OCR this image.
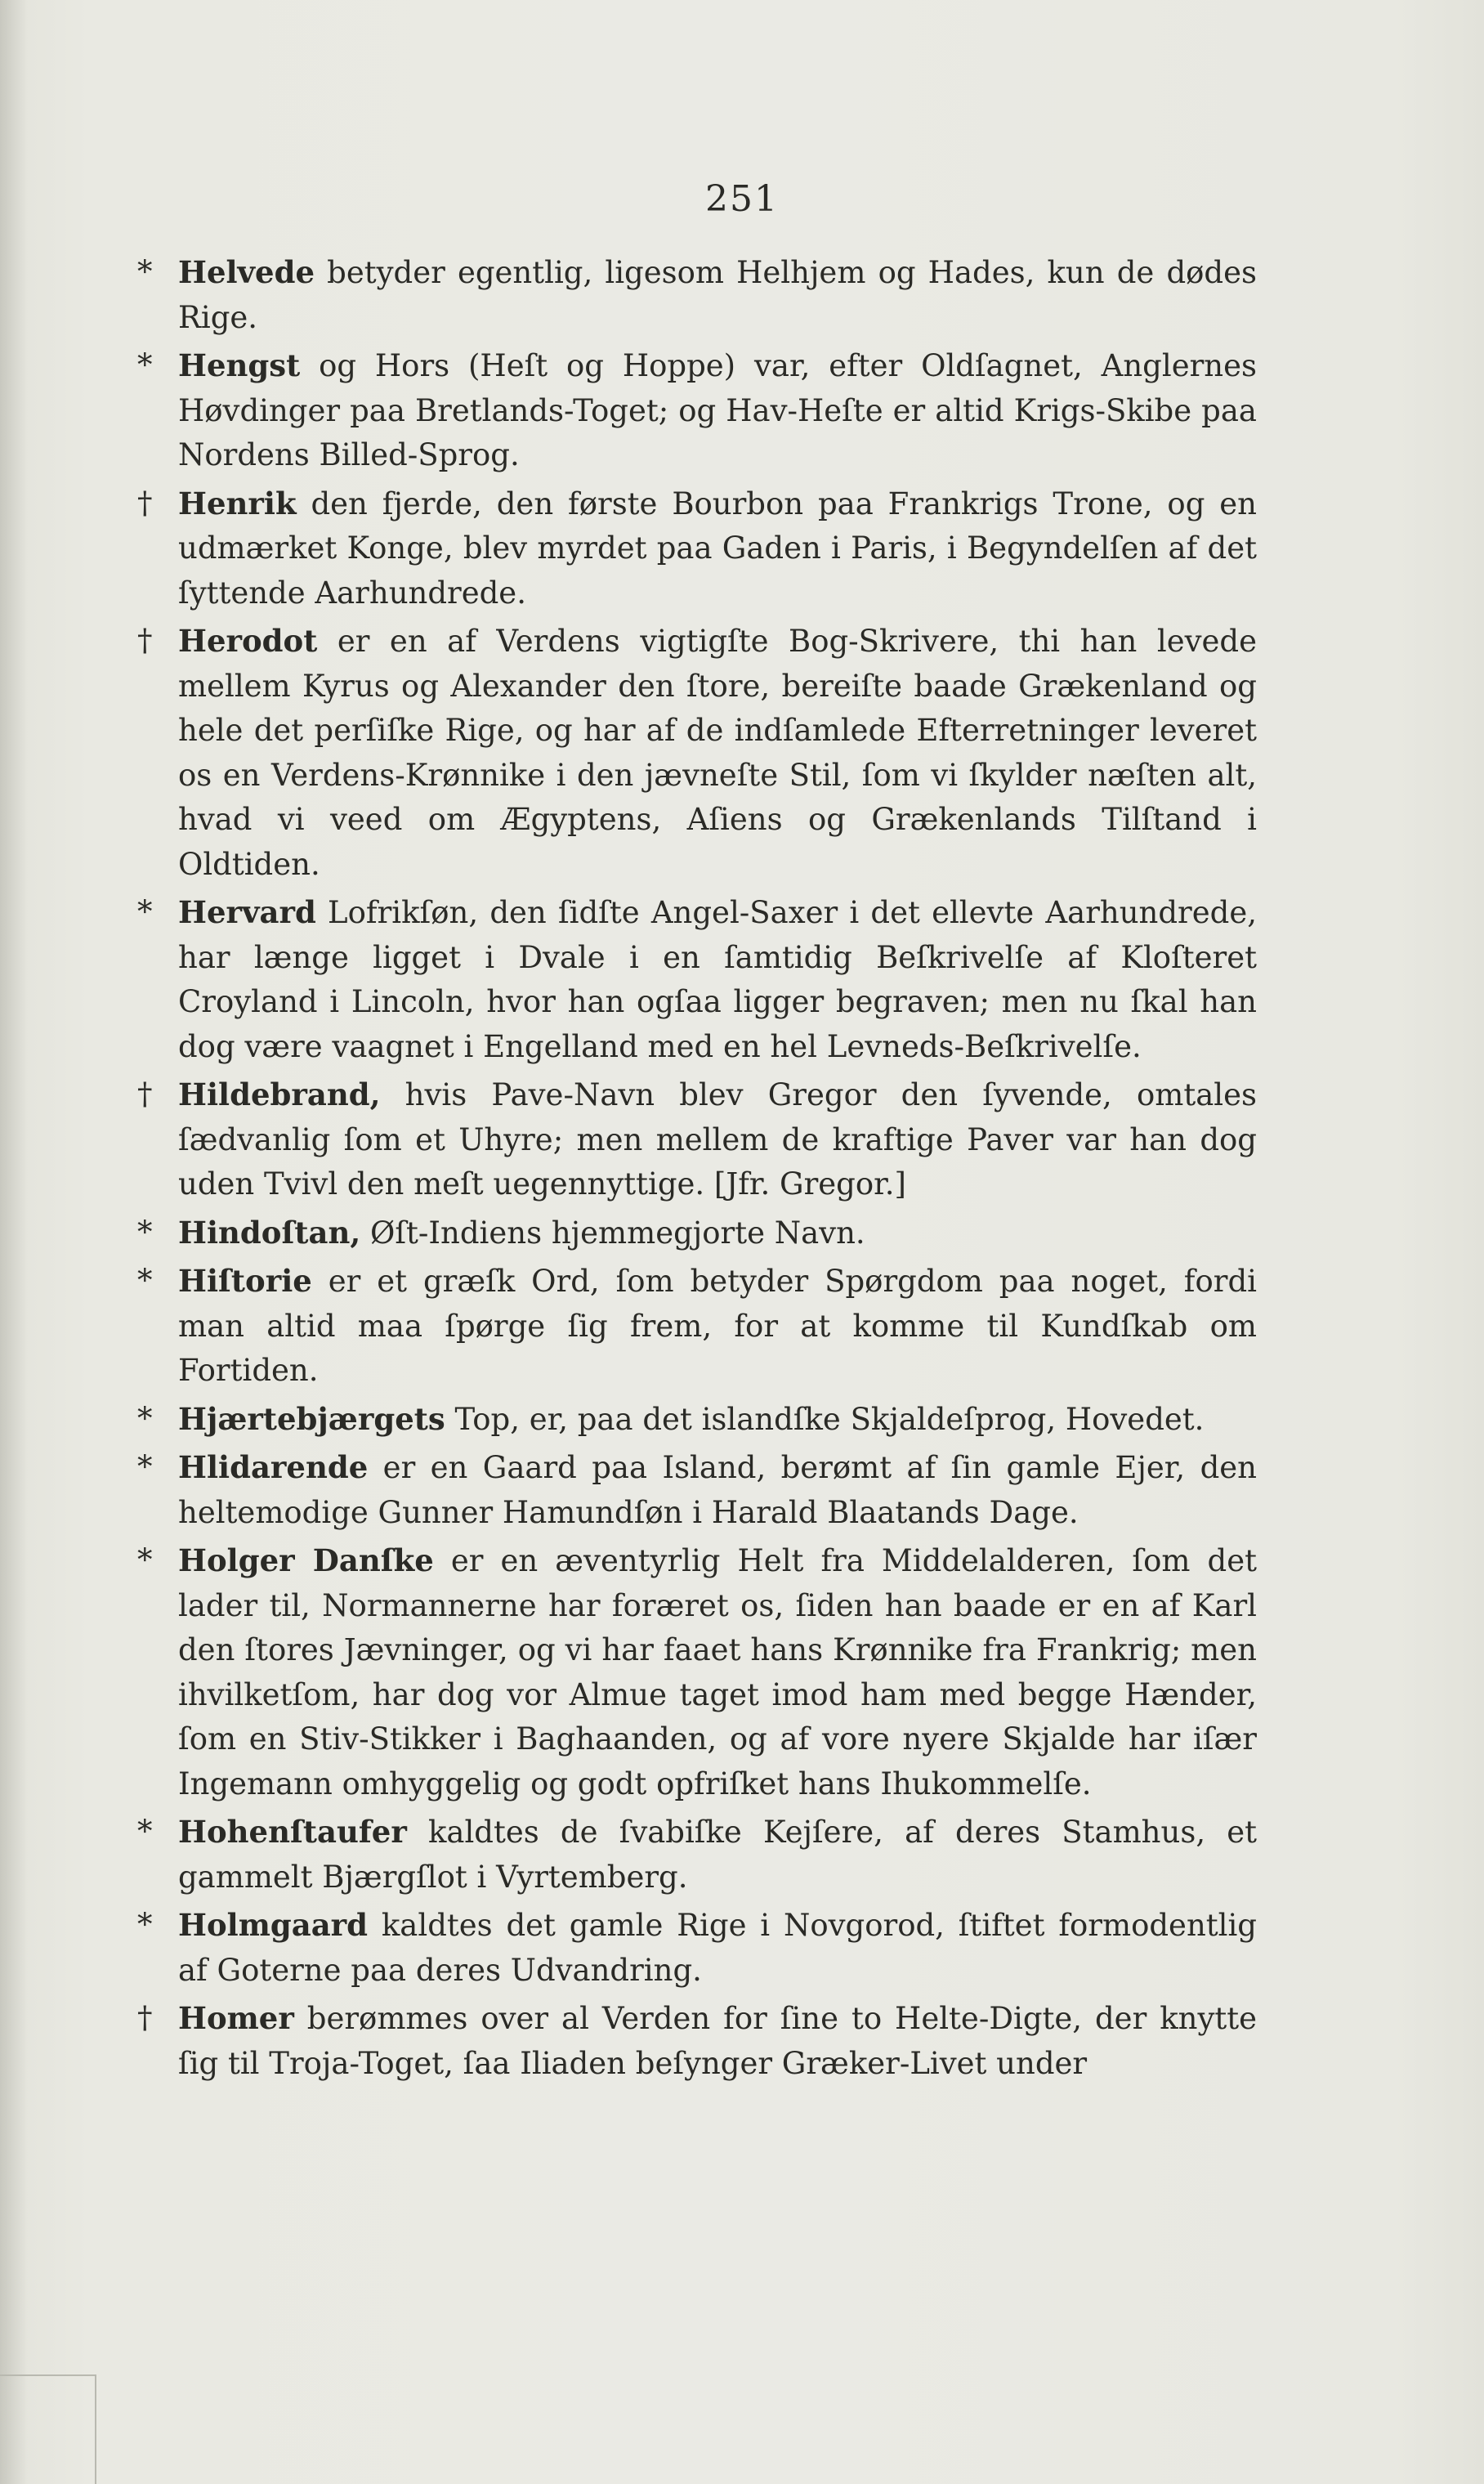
251
* Helvede betyder egentlig, ligesom Helhjem og Hades, kun de dødes Rige.
* Hengst og Hors (Heſt og Hoppe) var, efter Oldſagnet, Anglernes Høvdinger paa Bretlands-Toget; og Hav-Heſte er altid Krigs-Skibe paa Nordens Billed-Sprog.
† Henrik den fjerde, den første Bourbon paa Frankrigs Trone, og en udmærket Konge, blev myrdet paa Gaden i Paris, i Begyndelſen af det ſyttende Aarhundrede.
† Herodot er en af Verdens vigtigſte Bog-Skrivere, thi han levede mellem Kyrus og Alexander den ſtore, bereiſte baade Grækenland og hele det perſiſke Rige, og har af de indſamlede Efterretninger leveret os en Verdens-Krønnike i den jævneſte Stil, ſom vi ſkylder næſten alt, hvad vi veed om Ægyptens, Aſiens og Grækenlands Tilſtand i Oldtiden.
* Hervard Lofrikſøn, den ſidſte Angel-Saxer i det ellevte Aarhundrede, har længe ligget i Dvale i en ſamtidig Beſkrivelſe af Kloſteret Croyland i Lincoln, hvor han ogſaa ligger begraven; men nu ſkal han dog være vaagnet i Engelland med en hel Levneds-Beſkrivelſe.
† Hildebrand, hvis Pave-Navn blev Gregor den ſyvende, omtales ſædvanlig ſom et Uhyre; men mellem de kraftige Paver var han dog uden Tvivl den meſt uegennyttige. [Jfr. Gregor.]
* Hindoſtan, Øſt-Indiens hjemmegjorte Navn.
* Hiſtorie er et græſk Ord, ſom betyder Spørgdom paa noget, fordi man altid maa ſpørge ſig frem, for at komme til Kundſkab om Fortiden.
* Hjærtebjærgets Top, er, paa det islandſke Skjaldeſprog, Hovedet.
* Hlidarende er en Gaard paa Island, berømt af ſin gamle Ejer, den heltemodige Gunner Hamundſøn i Harald Blaatands Dage.
* Holger Danſke er en æventyrlig Helt fra Middelalderen, ſom det lader til, Normannerne har foræret os, ſiden han baade er en af Karl den ſtores Jævninger, og vi har faaet hans Krønnike fra Frankrig; men ihvilketſom, har dog vor Almue taget imod ham med begge Hænder, ſom en Stiv-Stikker i Baghaanden, og af vore nyere Skjalde har iſær Ingemann omhyggelig og godt opfriſket hans Ihukommelſe.
* Hohenſtaufer kaldtes de ſvabiſke Kejſere, af deres Stamhus, et gammelt Bjærgſlot i Vyrtemberg.
* Holmgaard kaldtes det gamle Rige i Novgorod, ſtiftet formodentlig af Goterne paa deres Udvandring.
† Homer berømmes over al Verden for ſine to Helte-Digte, der knytte ſig til Troja-Toget, ſaa Iliaden beſynger Græker-Livet under
